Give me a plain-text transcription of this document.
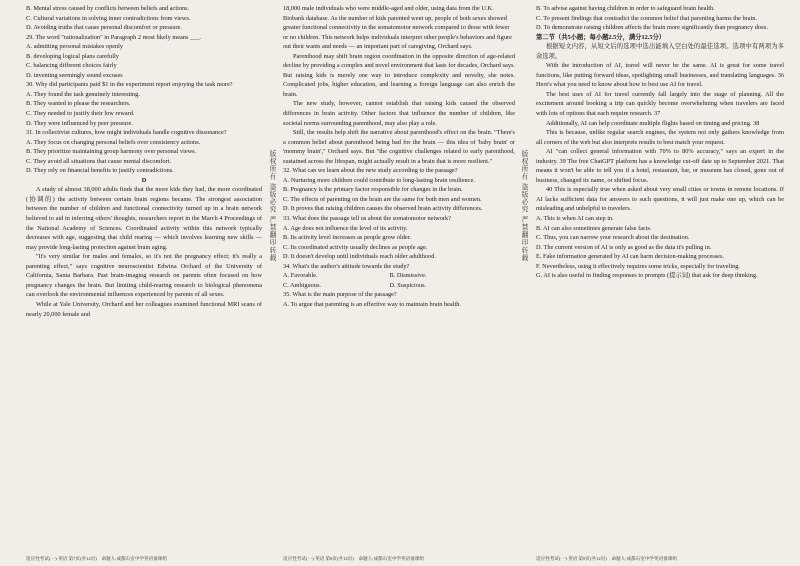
B. Mental stress caused by conflicts between beliefs and actions.

C. Cultural variations in solving inner contradictions from views.

D. Avoiding truths that cause personal discomfort or pressure.

29. The word "rationalization" in Paragraph 2 most likely means ___.

A. admitting personal mistakes openly

B. developing logical plans carefully

C. balancing different choices fairly

D. inventing seemingly sound excuses

30. Why did participants paid $1 in the experiment report enjoying the task more?

A. They found the task genuinely interesting.

B. They wanted to please the researchers.

C. They needed to justify their low reward.

D. They were influenced by peer pressure.

31. In collectivist cultures, how might individuals handle cognitive dissonance?

A. They focus on changing personal beliefs over consistency actions.

B. They prioritize maintaining group harmony over personal views.

C. They avoid all situations that cause mental discomfort.

D. They rely on financial benefits to justify contradictions.

D

A study of almost 38,000 adults finds that the more kids they had, the more coordinated (协调的) the activity between certain brain regions became. The strongest association between the number of children and functional connectivity turned up in a brain network believed to aid in inferring others' thoughts, researchers report in the March 4 Proceedings of the National Academy of Sciences. Coordinated activity within this network typically decreases with age, suggesting that child rearing — which involves learning new skills — may provide long-lasting protection against brain aging.

"It's very similar for males and females, so it's not the pregnancy effect; it's really a parenting effect," says cognitive neuroscientist Edwina Orchard of the University of California, Santa Barbara. Past brain-imaging research on parents often focused on how pregnancy changes the brain. But limiting child-rearing research to biological phenomena can overlook the environmental influences experienced by parents of all sexes.

While at Yale University, Orchard and her colleagues examined functional MRI scans of nearly 20,000 female and

18,000 male individuals who were middle-aged and older, using data from the U.K. Biobank database. As the number of kids parented went up, people of both sexes showed greater functional connectivity in the somatomotor network compared to those with fewer or no children. This network helps individuals interpret other people's behaviors and figure out their wants and needs — an important part of caregiving, Orchard says.

Parenthood may shift brain region coordination in the opposite direction of age-related decline by providing a complex and novel environment that lasts for decades, Orchard says. But raising kids is merely one way to introduce complexity and novelty, she notes. Complicated jobs, higher education, and learning a foreign language can also enrich the brain.

The new study, however, cannot establish that raising kids caused the observed differences in brain activity. Other factors that influence the number of children, like societal norms surrounding parenthood, may also play a role.

Still, the results help shift the narrative about parenthood's effect on the brain. "There's a common belief about parenthood being bad for the brain — this idea of 'baby brain' or 'mommy brain'," Orchard says. But "the cognitive challenges related to early parenthood, sustained across the lifespan, might actually result in a brain that is more resilient."

32. What can we learn about the new study according to the passage?

A. Nurturing more children could contribute to long-lasting brain resilience.

B. Pregnancy is the primary factor responsible for changes in the brain.

C. The effects of parenting on the brain are the same for both men and women.

D. It proves that raising children causes the observed brain activity differences.

33. What does the passage tell us about the somatomotor network?

A. Age does not influence the level of its activity.

B. Its activity level increases as people grow older.

C. Its coordinated activity usually declines as people age.

D. It doesn't develop until individuals reach older adulthood.

34. What's the author's attitude towards the study?

A. Favorable.	B. Dismissive.

C. Ambiguous.	D. Suspicious.

35. What is the main purpose of the passage?

A. To argue that parenting is an effective way to maintain brain health.

B. To advise against having children in order to safeguard brain health.

C. To present findings that contradict the common belief that parenting harms the brain.

D. To demonstrate raising children affects the brain more significantly than pregnancy does.

第二节（共5小题；每小题2.5分，满分12.5分）

根据短文内容，从短文后的选项中选出能填入空白处的最佳选项。选项中有两项为多余选项。

With the introduction of AI, travel will never be the same. AI is great for some travel functions, like putting forward ideas, spotlighting small businesses, and translating languages. 36 Here's what you need to know about how to best use AI for travel.

The best uses of AI for travel currently fall largely into the stage of planning. All the excitement around booking a trip can quickly become overwhelming when travelers are faced with lots of options that each require research. 37

Additionally, AI can help coordinate multiple flights based on timing and pricing. 38

This is because, unlike regular search engines, the system not only gathers knowledge from all corners of the web but also interprets results to best match your request.

AI "can collect general information with 70% to 80% accuracy," says an expert in the industry. 39 The free ChatGPT platform has a knowledge cut-off date up to September 2021. That means it won't be able to tell you if a hotel, restaurant, bar, or museum has closed, gone out of business, changed its name, or shifted focus.

40 This is especially true when asked about very small cities or towns in remote locations. If AI lacks sufficient data for answers to such questions, it will just make one up, which can be misleading and unhelpful to travelers.

A. This is when AI can step in.

B. AI can also sometimes generate false facts.

C. Thus, you can narrow your research about the destination.

D. The current version of AI is only as good as the data it's pulling in.

E. Fake information generated by AI can harm decision-making processes.

F. Nevertheless, using it effectively requires some tricks, especially for traveling.

G. AI is also useful in finding responses to prompts (提示词) that ask for deep thinking.

版权所有 盗版必究 严禁翻印转载	版权所有 盗版必究 严禁翻印转载
适应性考试(一)·英语 第7页(共12页)　命题人:成都石室中学英语备课组	适应性考试(一)·英语 第8页(共12页)　命题人:成都石室中学英语备课组	适应性考试(一)·英语 第9页(共12页)　命题人:成都石室中学英语备课组
